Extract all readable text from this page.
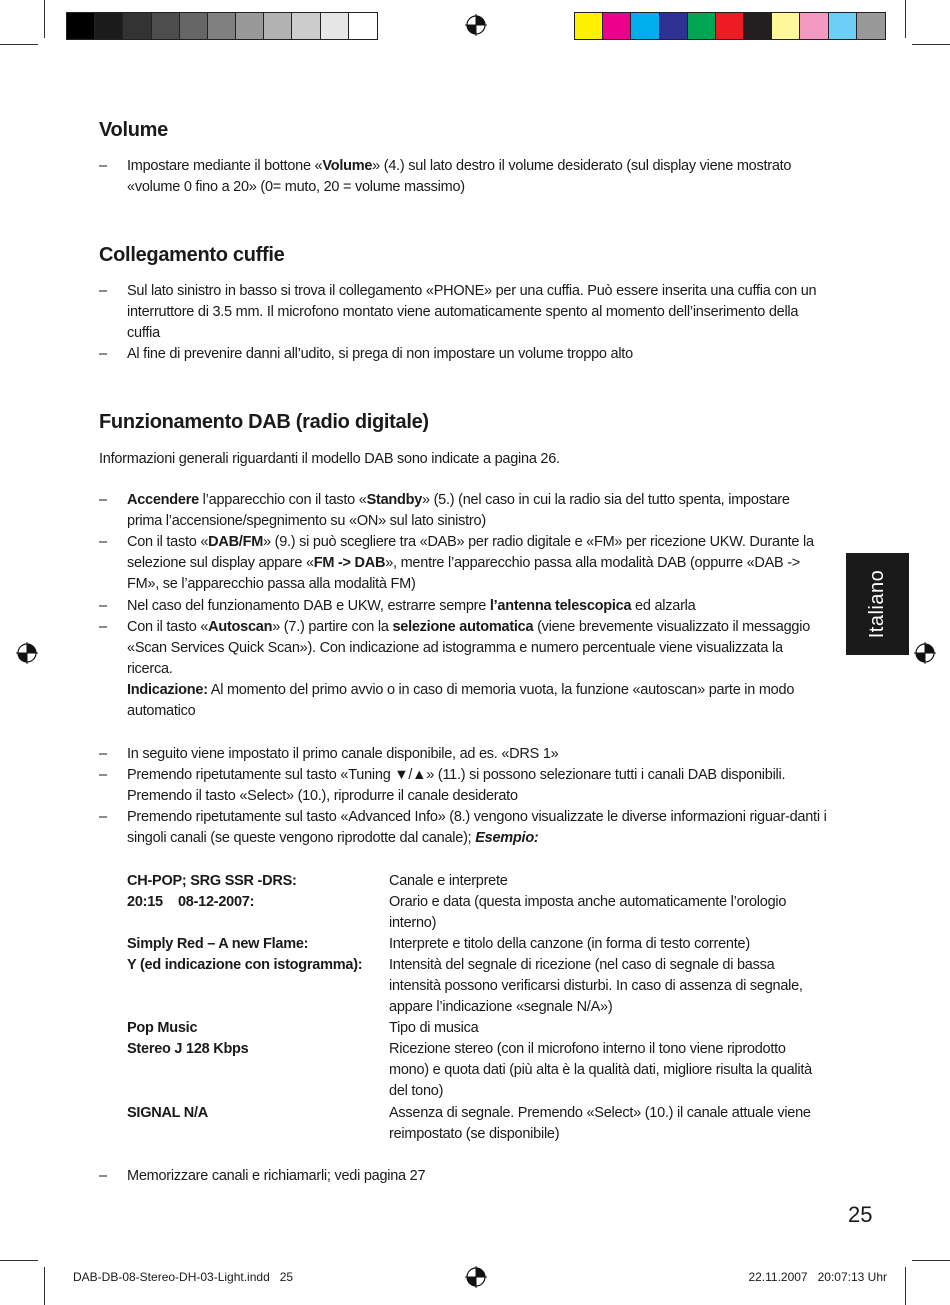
Volume
– Impostare mediante il bottone «Volume» (4.) sul lato destro il volume desiderato (sul display viene mostrato «volume 0 fino a 20» (0= muto, 20 = volume massimo)
Collegamento cuffie
– Sul lato sinistro in basso si trova il collegamento «PHONE» per una cuffia. Può essere inserita una cuffia con un interruttore di 3.5 mm. Il microfono montato viene automaticamente spento al momento dell’inserimento della cuffia
– Al fine di prevenire danni all’udito, si prega di non impostare un volume troppo alto
Funzionamento DAB (radio digitale)
Informazioni generali riguardanti il modello DAB sono indicate a pagina 26.
– Accendere l’apparecchio con il tasto «Standby» (5.) (nel caso in cui la radio sia del tutto spenta, impostare prima l’accensione/spegnimento su «ON» sul lato sinistro)
– Con il tasto «DAB/FM» (9.) si può scegliere tra «DAB» per radio digitale e «FM» per ricezione UKW. Durante la selezione sul display appare «FM -> DAB», mentre l’apparecchio passa alla modalità DAB (oppurre «DAB -> FM», se l’apparecchio passa alla modalità FM)
– Nel caso del funzionamento DAB e UKW, estrarre sempre l’antenna telescopica ed alzarla
– Con il tasto «Autoscan» (7.) partire con la selezione automatica (viene brevemente visualizzato il messaggio «Scan Services Quick Scan»). Con indicazione ad istogramma e numero percentuale viene visualizzata la ricerca.
Indicazione: Al momento del primo avvio o in caso di memoria vuota, la funzione «autoscan» parte in modo automatico
– In seguito viene impostato il primo canale disponibile, ad es. «DRS 1»
– Premendo ripetutamente sul tasto «Tuning ▼/▲» (11.) si possono selezionare tutti i canali DAB disponibili. Premendo il tasto «Select» (10.), riprodurre il canale desiderato
– Premendo ripetutamente sul tasto «Advanced Info» (8.) vengono visualizzate le diverse informazioni riguar-danti i singoli canali (se queste vengono riprodotte dal canale); Esempio:
CH-POP; SRG SSR -DRS:	Canale e interprete
20:15    08-12-2007:	Orario e data (questa imposta anche automaticamente l’orologio interno)
Simply Red – A new Flame:	Interprete e titolo della canzone (in forma di testo corrente)
Y (ed indicazione con istogramma): Intensità del segnale di ricezione (nel caso di segnale di bassa intensità possono verificarsi disturbi. In caso di assenza di segnale, appare l’indicazione «segnale N/A»)
Pop Music	Tipo di musica
Stereo J 128 Kbps	Ricezione stereo (con il microfono interno il tono viene riprodotto mono) e quota dati (più alta è la qualità dati, migliore risulta la qualità del tono)
SIGNAL N/A	Assenza di segnale. Premendo «Select» (10.) il canale attuale viene reimpostato (se disponibile)
– Memorizzare canali e richiamarli; vedi pagina 27
Italiano
25
DAB-DB-08-Stereo-DH-03-Light.indd   25	22.11.2007   20:07:13 Uhr
